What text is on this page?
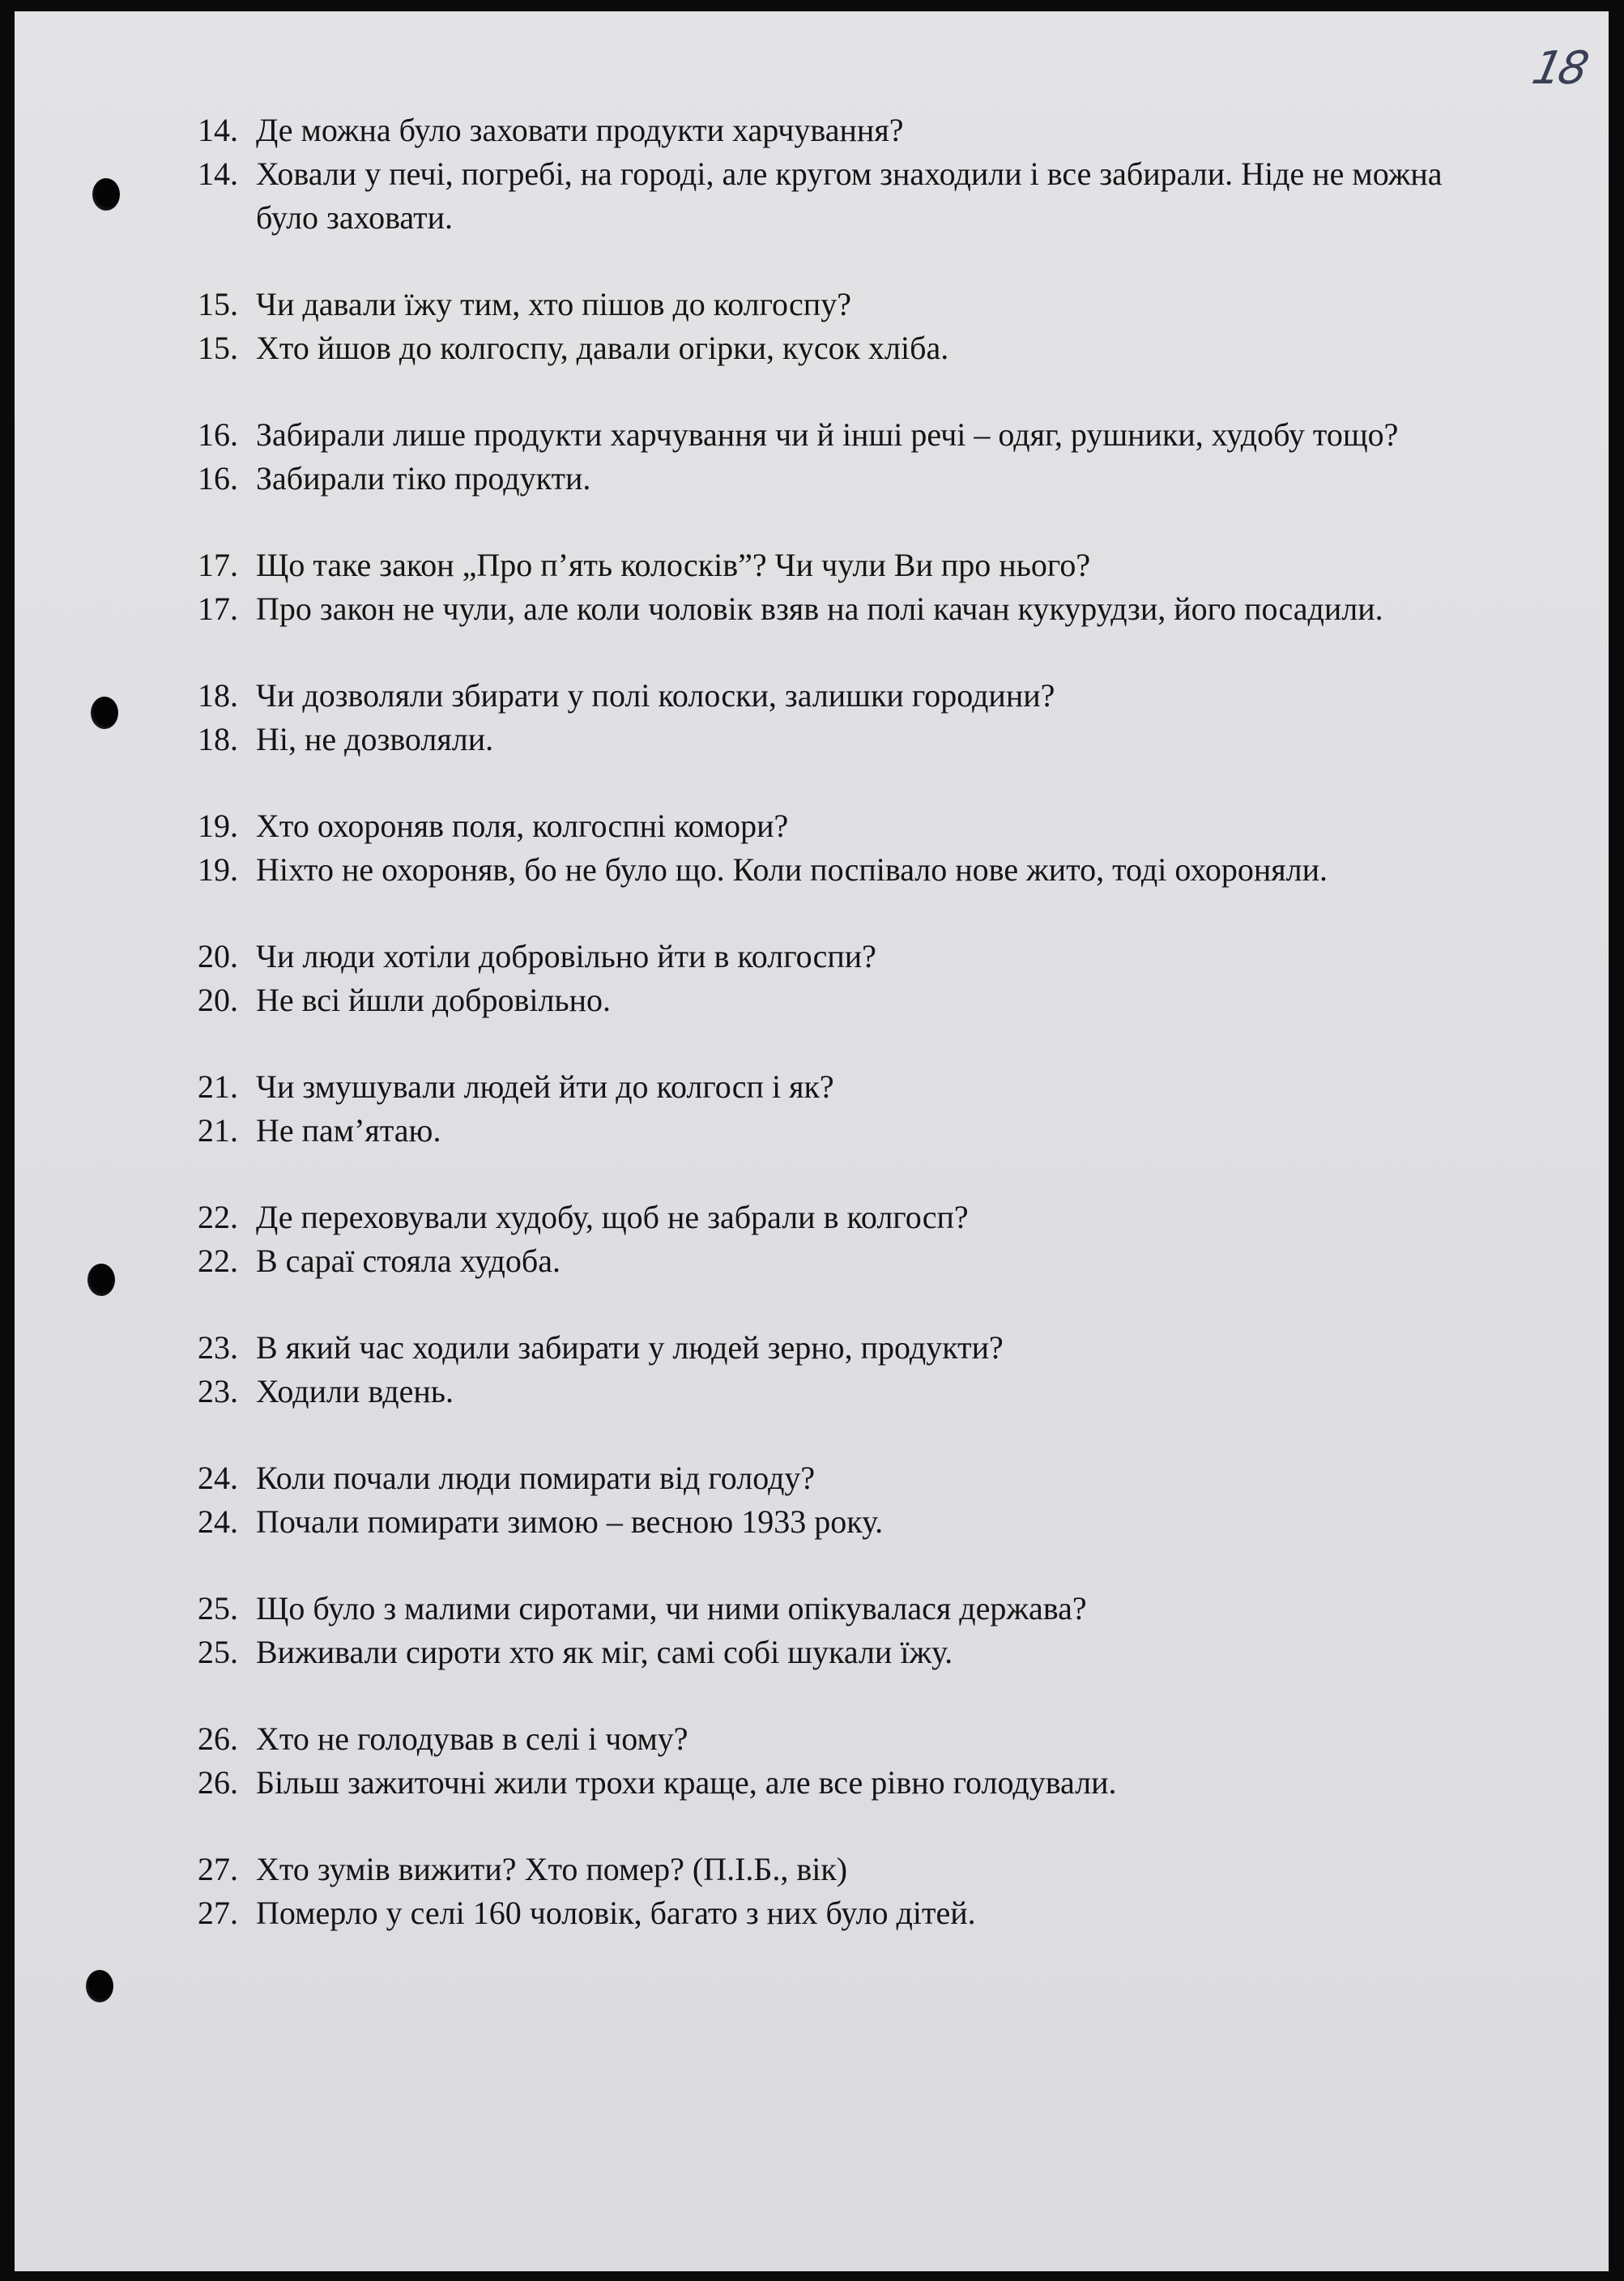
18
14. Де можна було заховати продукти харчування?
14. Ховали у печі, погребі, на городі, але кругом знаходили і все забирали. Ніде не можна було заховати.
15. Чи давали їжу тим, хто пішов до колгоспу?
15. Хто йшов до колгоспу, давали огірки, кусок хліба.
16. Забирали лише продукти харчування чи й інші речі – одяг, рушники, худобу тощо?
16. Забирали тіко продукти.
17. Що таке закон „Про п’ять колосків”? Чи чули Ви про нього?
17. Про закон не чули, але коли чоловік взяв на полі качан кукурудзи, його посадили.
18. Чи дозволяли збирати у полі колоски, залишки городини?
18. Ні, не дозволяли.
19. Хто охороняв поля, колгоспні комори?
19. Ніхто не охороняв, бо не було що. Коли поспівало нове жито, тоді охороняли.
20. Чи люди хотіли добровільно йти в колгоспи?
20. Не всі йшли добровільно.
21. Чи змушували людей йти до колгосп і як?
21. Не пам’ятаю.
22. Де переховували худобу, щоб не забрали в колгосп?
22. В сараї стояла худоба.
23. В який час ходили забирати у людей зерно, продукти?
23. Ходили вдень.
24. Коли почали люди помирати від голоду?
24. Почали помирати зимою – весною 1933 року.
25. Що було з малими сиротами, чи ними опікувалася держава?
25. Виживали сироти хто як міг, самі собі шукали їжу.
26. Хто не голодував в селі і чому?
26. Більш зажиточні жили трохи краще, але все рівно голодували.
27. Хто зумів вижити? Хто помер? (П.І.Б., вік)
27. Померло у селі 160 чоловік, багато з них було дітей.
